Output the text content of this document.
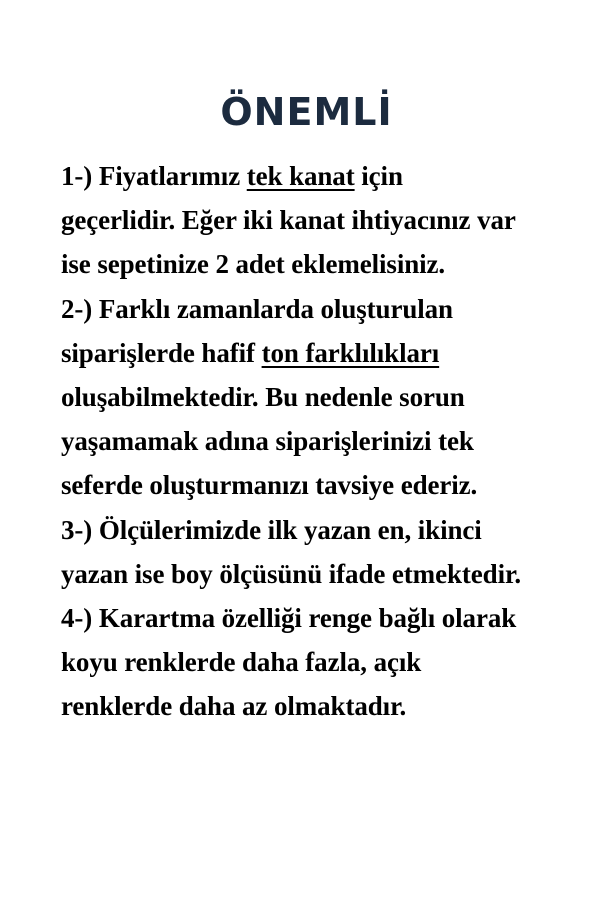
ÖNEMLİ
1-) Fiyatlarımız tek kanat için
geçerlidir. Eğer iki kanat ihtiyacınız var
ise sepetinize 2 adet eklemelisiniz.
2-) Farklı zamanlarda oluşturulan
siparişlerde hafif ton farklılıkları
oluşabilmektedir. Bu nedenle sorun
yaşamamak adına siparişlerinizi tek
seferde oluşturmanızı tavsiye ederiz.
3-) Ölçülerimizde ilk yazan en, ikinci
yazan ise boy ölçüsünü ifade etmektedir.
4-) Karartma özelliği renge bağlı olarak
koyu renklerde daha fazla, açık
renklerde daha az olmaktadır.
